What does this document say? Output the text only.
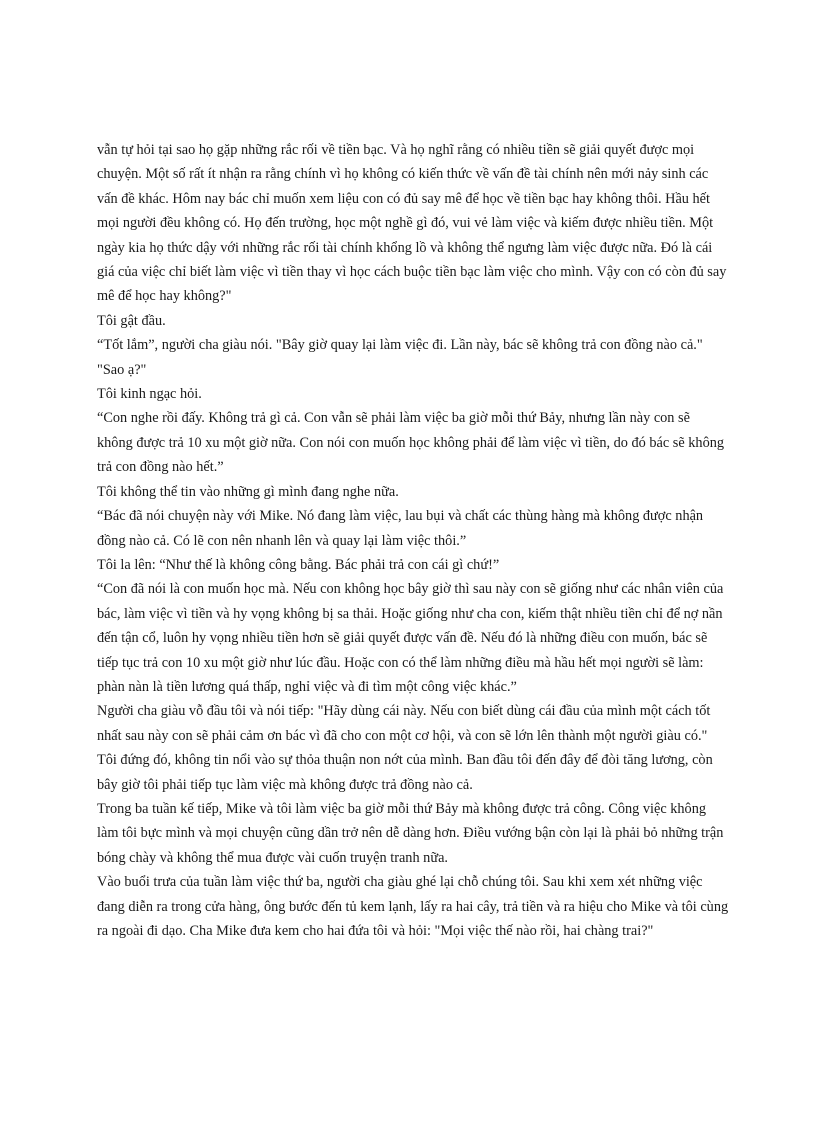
vẫn tự hỏi tại sao họ gặp những rắc rối về tiền bạc. Và họ nghĩ rằng có nhiều tiền sẽ giải quyết được mọi chuyện. Một số rất ít nhận ra rằng chính vì họ không có kiến thức về vấn đề tài chính nên mới nảy sinh các vấn đề khác. Hôm nay bác chỉ muốn xem liệu con có đủ say mê để học về tiền bạc hay không thôi. Hầu hết mọi người đều không có. Họ đến trường, học một nghề gì đó, vui vẻ làm việc và kiếm được nhiều tiền. Một ngày kia họ thức dậy với những rắc rối tài chính khổng lồ và không thể ngưng làm việc được nữa. Đó là cái giá của việc chỉ biết làm việc vì tiền thay vì học cách buộc tiền bạc làm việc cho mình. Vậy con có còn đủ say mê để học hay không?"

Tôi gật đầu.

“Tốt lắm”, người cha giàu nói. "Bây giờ quay lại làm việc đi. Lần này, bác sẽ không trả con đồng nào cả."

"Sao ạ?"

Tôi kinh ngạc hỏi.

“Con nghe rồi đấy. Không trả gì cả. Con vẫn sẽ phải làm việc ba giờ mỗi thứ Bảy, nhưng lần này con sẽ không được trả 10 xu một giờ nữa. Con nói con muốn học không phải để làm việc vì tiền, do đó bác sẽ không trả con đồng nào hết.”

Tôi không thể tin vào những gì mình đang nghe nữa.

“Bác đã nói chuyện này với Mike. Nó đang làm việc, lau bụi và chất các thùng hàng mà không được nhận đồng nào cả. Có lẽ con nên nhanh lên và quay lại làm việc thôi.”

Tôi la lên: “Như thế là không công bằng. Bác phải trả con cái gì chứ!”

“Con đã nói là con muốn học mà. Nếu con không học bây giờ thì sau này con sẽ giống như các nhân viên của bác, làm việc vì tiền và hy vọng không bị sa thải. Hoặc giống như cha con, kiếm thật nhiều tiền chỉ để nợ nần đến tận cổ, luôn hy vọng nhiều tiền hơn sẽ giải quyết được vấn đề. Nếu đó là những điều con muốn, bác sẽ tiếp tục trả con 10 xu một giờ như lúc đầu. Hoặc con có thể làm những điều mà hầu hết mọi người sẽ làm: phàn nàn là tiền lương quá thấp, nghỉ việc và đi tìm một công việc khác.”

Người cha giàu vỗ đầu tôi và nói tiếp: "Hãy dùng cái này. Nếu con biết dùng cái đầu của mình một cách tốt nhất sau này con sẽ phải cảm ơn bác vì đã cho con một cơ hội, và con sẽ lớn lên thành một người giàu có."

Tôi đứng đó, không tin nổi vào sự thỏa thuận non nớt của mình. Ban đầu tôi đến đây để đòi tăng lương, còn bây giờ tôi phải tiếp tục làm việc mà không được trả đồng nào cả.

Trong ba tuần kế tiếp, Mike và tôi làm việc ba giờ mỗi thứ Bảy mà không được trả công. Công việc không làm tôi bực mình và mọi chuyện cũng dần trở nên dễ dàng hơn. Điều vướng bận còn lại là phải bỏ những trận bóng chày và không thể mua được vài cuốn truyện tranh nữa.

Vào buổi trưa của tuần làm việc thứ ba, người cha giàu ghé lại chỗ chúng tôi. Sau khi xem xét những việc đang diễn ra trong cửa hàng, ông bước đến tủ kem lạnh, lấy ra hai cây, trả tiền và ra hiệu cho Mike và tôi cùng ra ngoài đi dạo. Cha Mike đưa kem cho hai đứa tôi và hỏi: "Mọi việc thế nào rồi, hai chàng trai?"
